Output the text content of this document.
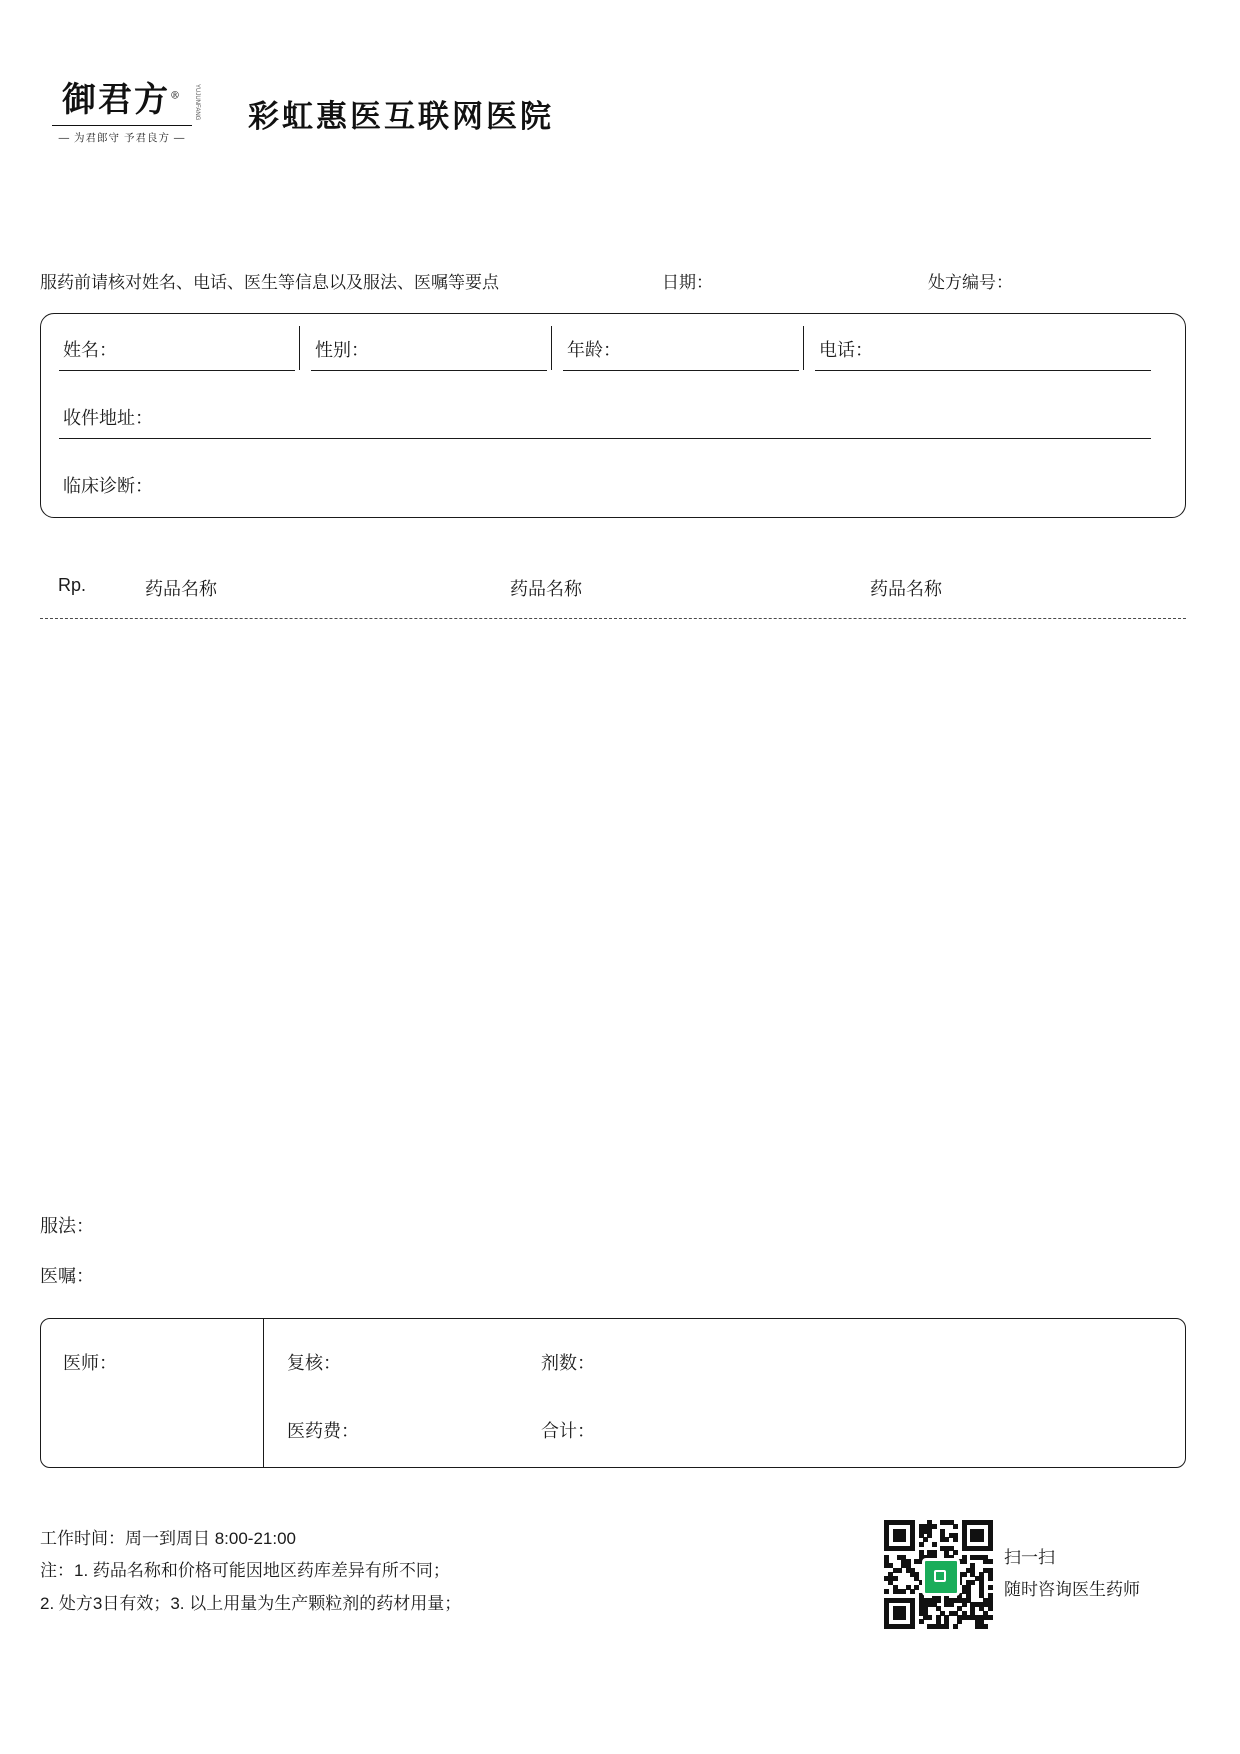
御君方®	YUJUNFANG
— 为君郎守 予君良方 —
彩虹惠医互联网医院
服药前请核对姓名、电话、医生等信息以及服法、医嘱等要点	日期：	处方编号：
姓名：	性别：	年龄：	电话：
收件地址：
临床诊断：
Rp.	药品名称	药品名称	药品名称
服法：
医嘱：
医师：	复核：	剂数：
医药费：	合计：
工作时间：周一到周日 8:00-21:00
注：1. 药品名称和价格可能因地区药库差异有所不同；
2. 处方3日有效；3. 以上用量为生产颗粒剂的药材用量；
扫一扫
随时咨询医生药师
